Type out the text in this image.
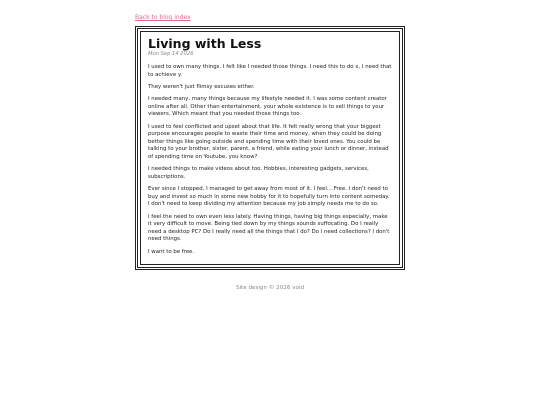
Back to blog index
Living with Less
Mon Sep 14 2026

I used to own many things. I felt like I needed those things. I need this to do x, I need that to achieve y.

They weren't just flimsy excuses either.

I needed many, many things because my lifestyle needed it. I was some content creator online after all. Other than entertainment, your whole existence is to sell things to your viewers. Which meant that you needed those things too.

I used to feel conflicted and upset about that life. It felt really wrong that your biggest purpose encourages people to waste their time and money, when they could be doing better things like going outside and spending time with their loved ones. You could be talking to your brother, sister, parent, a friend, while eating your lunch or dinner, instead of spending time on Youtube, you know?

I needed things to make videos about too. Hobbies, interesting gadgets, services, subscriptions.

Ever since I stopped, I managed to get away from most of it. I feel... Free. I don't need to buy and invest so much in some new hobby for it to hopefully turn into content someday. I don't need to keep dividing my attention because my job simply needs me to do so.

I feel the need to own even less lately. Having things, having big things especially, make it very difficult to move. Being tied down by my things sounds suffocating. Do I really need a desktop PC? Do I really need all the things that I do? Do I need collections? I don't need things.

I want to be free.

Site design © 2026 void
